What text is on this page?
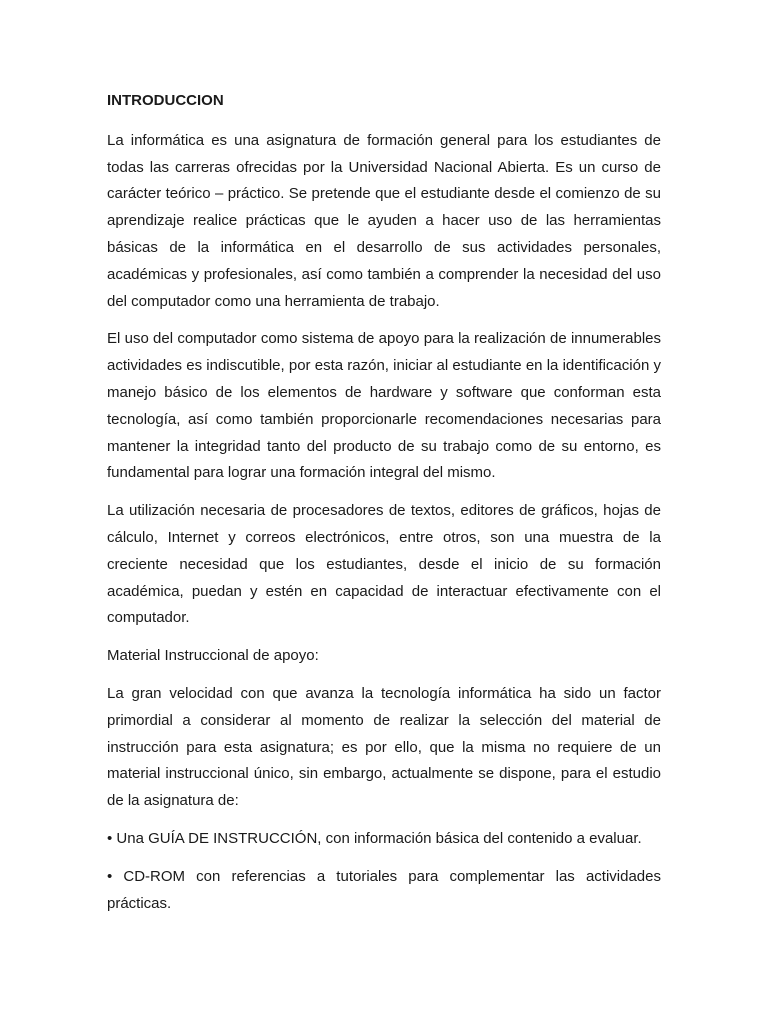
INTRODUCCION

La informática es una asignatura de formación general para los estudiantes de todas las carreras ofrecidas por la Universidad Nacional Abierta. Es un curso de carácter teórico – práctico. Se pretende que el estudiante desde el comienzo de su aprendizaje realice prácticas que le ayuden a hacer uso de las herramientas básicas de la informática en el desarrollo de sus actividades personales, académicas y profesionales, así como también a comprender la necesidad del uso del computador como una herramienta de trabajo.

El uso del computador como sistema de apoyo para la realización de innumerables actividades es indiscutible, por esta razón, iniciar al estudiante en la identificación y manejo básico de los elementos de hardware y software que conforman esta tecnología, así como también proporcionarle recomendaciones necesarias para mantener la integridad tanto del producto de su trabajo como de su entorno, es fundamental para lograr una formación integral del mismo.

La utilización necesaria de procesadores de textos, editores de gráficos, hojas de cálculo, Internet y correos electrónicos, entre otros, son una muestra de la creciente necesidad que los estudiantes, desde el inicio de su formación académica, puedan y estén en capacidad de interactuar efectivamente con el computador.

Material Instruccional de apoyo:

La gran velocidad con que avanza la tecnología informática ha sido un factor primordial a considerar al momento de realizar la selección del material de instrucción para esta asignatura; es por ello, que la misma no requiere de un material instruccional único, sin embargo, actualmente se dispone, para el estudio de la asignatura de:

• Una GUÍA DE INSTRUCCIÓN, con información básica del contenido a evaluar.

• CD-ROM con referencias a tutoriales para complementar las actividades prácticas.
